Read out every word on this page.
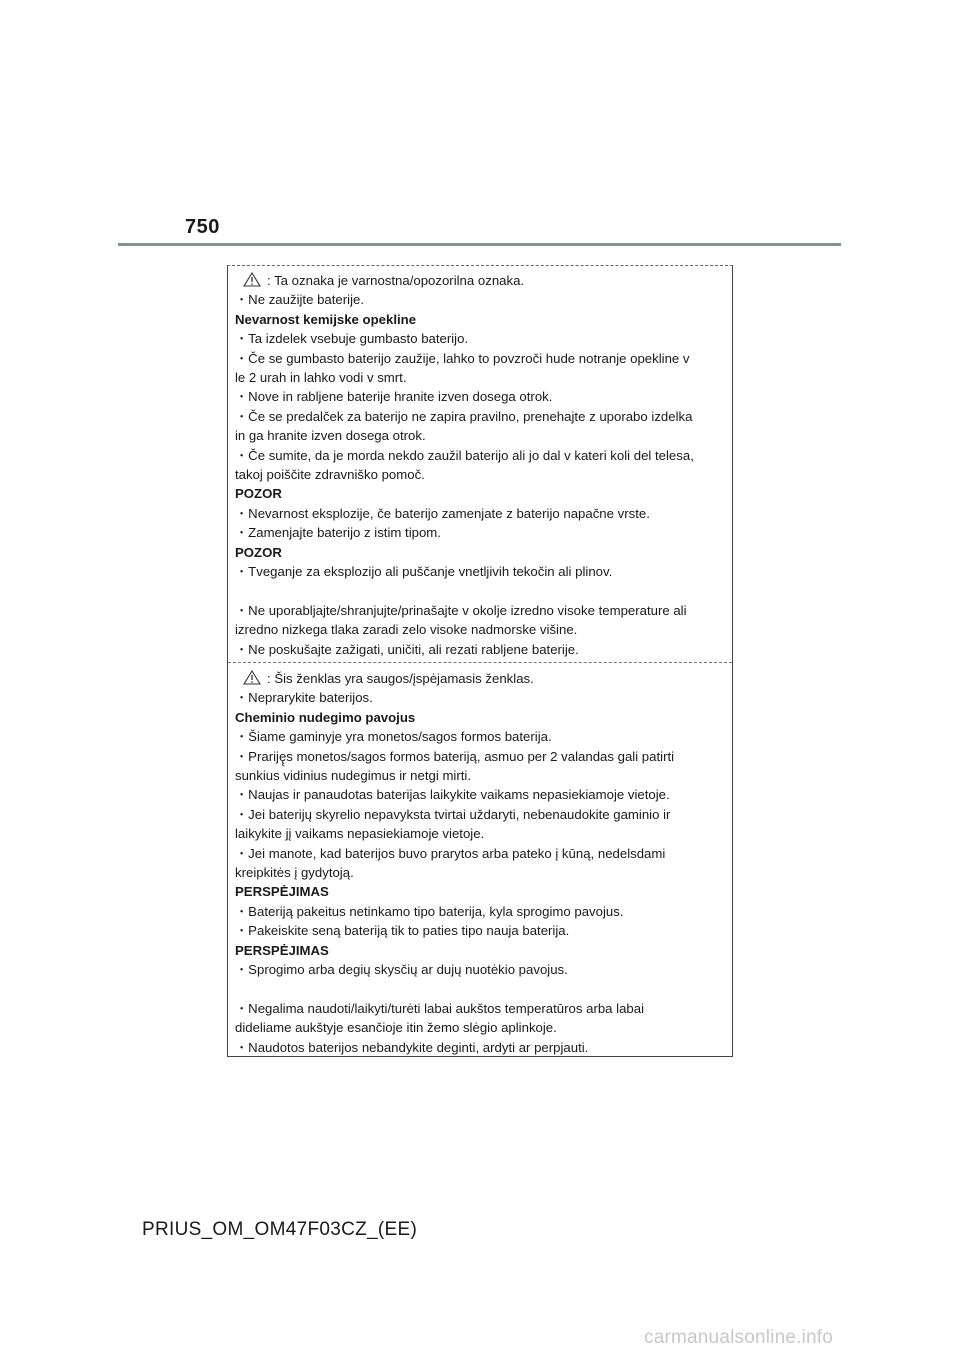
750
: Ta oznaka je varnostna/opozorilna oznaka.
・Ne zaužijte baterije.
Nevarnost kemijske opekline
・Ta izdelek vsebuje gumbasto baterijo.
・Če se gumbasto baterijo zaužije, lahko to povzroči hude notranje opekline v
le 2 urah in lahko vodi v smrt.
・Nove in rabljene baterije hranite izven dosega otrok.
・Če se predalček za baterijo ne zapira pravilno, prenehajte z uporabo izdelka
in ga hranite izven dosega otrok.
・Če sumite, da je morda nekdo zaužil baterijo ali jo dal v kateri koli del telesa,
takoj poiščite zdravniško pomoč.
POZOR
・Nevarnost eksplozije, če baterijo zamenjate z baterijo napačne vrste.
・Zamenjajte baterijo z istim tipom.
POZOR
・Tveganje za eksplozijo ali puščanje vnetljivih tekočin ali plinov.
・Ne uporabljajte/shranjujte/prinašajte v okolje izredno visoke temperature ali
izredno nizkega tlaka zaradi zelo visoke nadmorske višine.
・Ne poskušajte zažigati, uničiti, ali rezati rabljene baterije.
: Šis ženklas yra saugos/įspėjamasis ženklas.
・Neprarykite baterijos.
Cheminio nudegimo pavojus
・Šiame gaminyje yra monetos/sagos formos baterija.
・Prariję̨s monetos/sagos formos bateriją, asmuo per 2 valandas gali patirti
sunkius vidinius nudegimus ir netgi mirti.
・Naujas ir panaudotas baterijas laikykite vaikams nepasiekiamoje vietoje.
・Jei baterijų skyrelio nepavyksta tvirtai uždaryti, nebenaudokite gaminio ir
laikykite jį vaikams nepasiekiamoje vietoje.
・Jei manote, kad baterijos buvo prarytos arba pateko į kūną, nedelsdami
kreipkitės į gydytoją.
PERSPĖJIMAS
・Bateriją pakeitus netinkamo tipo baterija, kyla sprogimo pavojus.
・Pakeiskite seną bateriją tik to paties tipo nauja baterija.
PERSPĖJIMAS
・Sprogimo arba degių skysčių ar dujų nuotėkio pavojus.
・Negalima naudoti/laikyti/turėti labai aukštos temperatūros arba labai
dideliame aukštyje esančioje itin žemo slėgio aplinkoje.
・Naudotos baterijos nebandykite deginti, ardyti ar perpjauti.
PRIUS_OM_OM47F03CZ_(EE)
carmanualsonline.info
